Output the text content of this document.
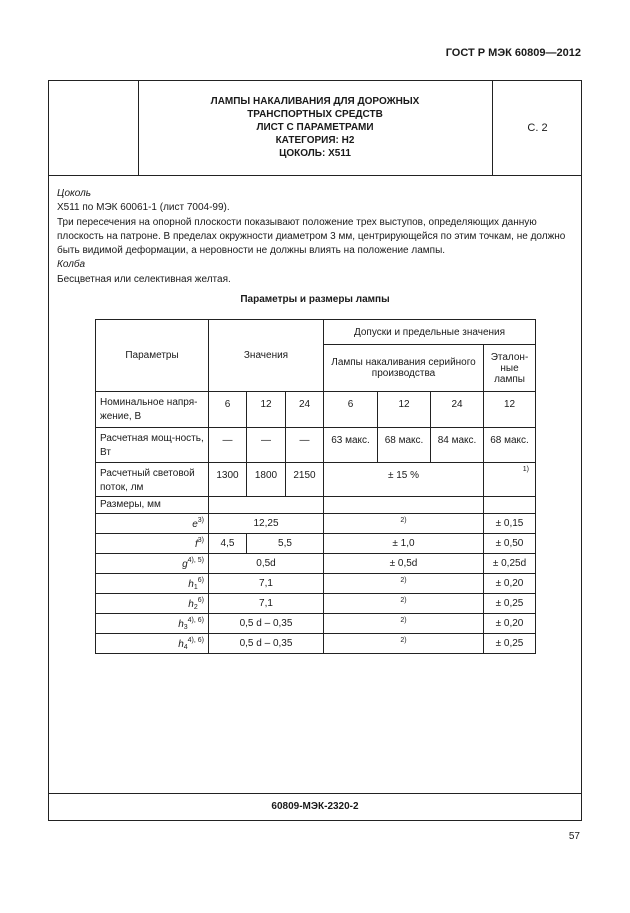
ГОСТ Р МЭК 60809—2012
ЛАМПЫ НАКАЛИВАНИЯ ДЛЯ ДОРОЖНЫХ
ТРАНСПОРТНЫХ СРЕДСТВ
ЛИСТ С ПАРАМЕТРАМИ
КАТЕГОРИЯ: H2
ЦОКОЛЬ: X511
С. 2
Цоколь
X511 по МЭК 60061-1 (лист 7004-99).
Три пересечения на опорной плоскости показывают положение трех выступов, определяющих данную плоскость на патроне. В пределах окружности диаметром 3 мм, центрирующейся по этим точкам, не должно быть видимой деформации, а неровности не должны влиять на положение лампы.
Колба
Бесцветная или селективная желтая.
Параметры и размеры лампы
Параметры	Значения			Допуски и предельные значения			
				Лампы накаливания серийного производства			Эталон-ные лампы
Номинальное напря-жение, В	6	12	24	6	12	24	12
Расчетная мощ-ность, Вт	—	—	—	63 макс.	68 макс.	84 макс.	68 макс.
Расчетный световой поток, лм	1300	1800	2150	± 15 %			1)
Размеры, мм							
$e^{3)}$	12,25			2)			± 0,15
$f^{3)}$	4,5	5,5		± 1,0			± 0,50
$g^{4), 5)}$	0,5d			± 0,5d			± 0,25d
$h_1^{6)}$	7,1			2)			± 0,20
$h_2^{6)}$	7,1			2)			± 0,25
$h_3^{4), 6)}$	0,5 d – 0,35			2)			± 0,20
$h_4^{4), 6)}$	0,5 d – 0,35			2)			± 0,25
60809-МЭК-2320-2
57
